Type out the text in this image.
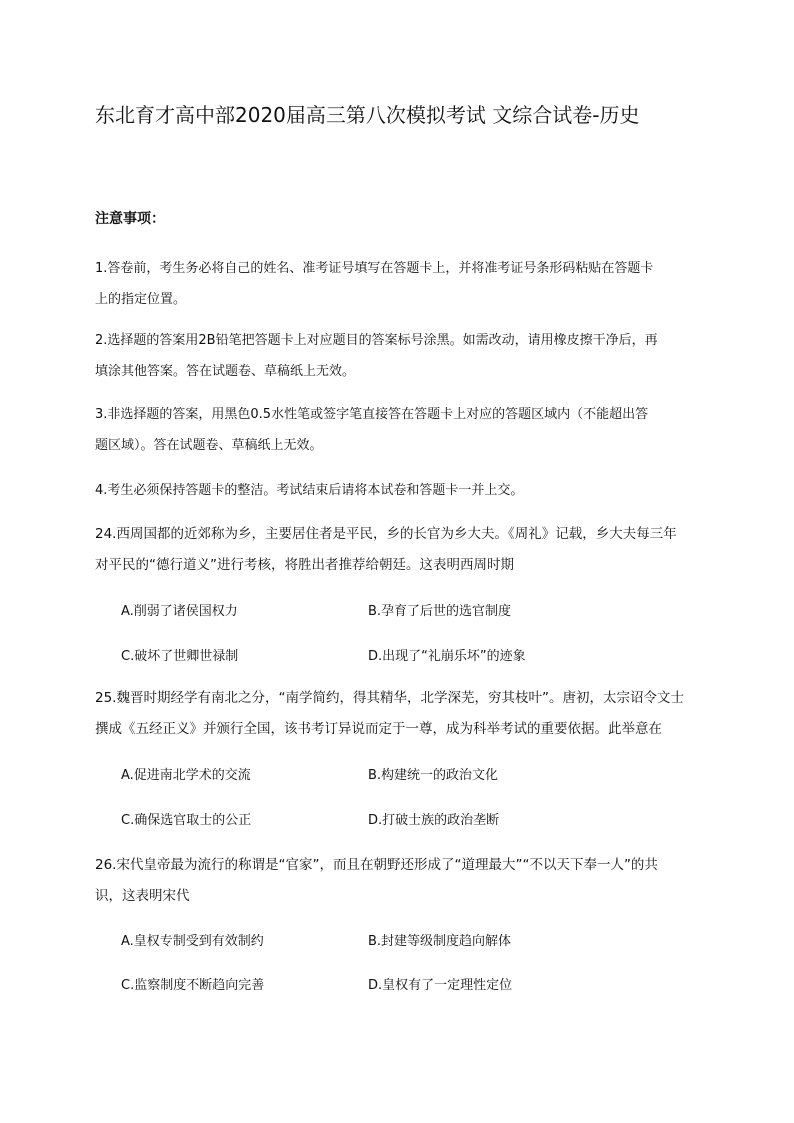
东北育才高中部2020届高三第八次模拟考试 文综合试卷-历史
注意事项：
1.答卷前，考生务必将自己的姓名、准考证号填写在答题卡上，并将准考证号条形码粘贴在答题卡
上的指定位置。
2.选择题的答案用2B铅笔把答题卡上对应题目的答案标号涂黑。如需改动，请用橡皮擦干净后，再
填涂其他答案。答在试题卷、草稿纸上无效。
3.非选择题的答案，用黑色0.5水性笔或签字笔直接答在答题卡上对应的答题区域内（不能超出答
题区域）。答在试题卷、草稿纸上无效。
4.考生必须保持答题卡的整洁。考试结束后请将本试卷和答题卡一并上交。
24.西周国都的近郊称为乡，主要居住者是平民，乡的长官为乡大夫。《周礼》记载，乡大夫每三年
对平民的“德行道义”进行考核，将胜出者推荐给朝廷。这表明西周时期
A.削弱了诸侯国权力	B.孕育了后世的选官制度
C.破坏了世卿世禄制	D.出现了“礼崩乐坏”的迹象
25.魏晋时期经学有南北之分，“南学简约，得其精华，北学深芜，穷其枝叶”。唐初，太宗诏令文士
撰成《五经正义》并颁行全国，该书考订异说而定于一尊，成为科举考试的重要依据。此举意在
A.促进南北学术的交流	B.构建统一的政治文化
C.确保选官取士的公正	D.打破士族的政治垄断
26.宋代皇帝最为流行的称谓是“官家”，而且在朝野还形成了“道理最大”“不以天下奉一人”的共
识，这表明宋代
A.皇权专制受到有效制约	B.封建等级制度趋向解体
C.监察制度不断趋向完善	D.皇权有了一定理性定位
